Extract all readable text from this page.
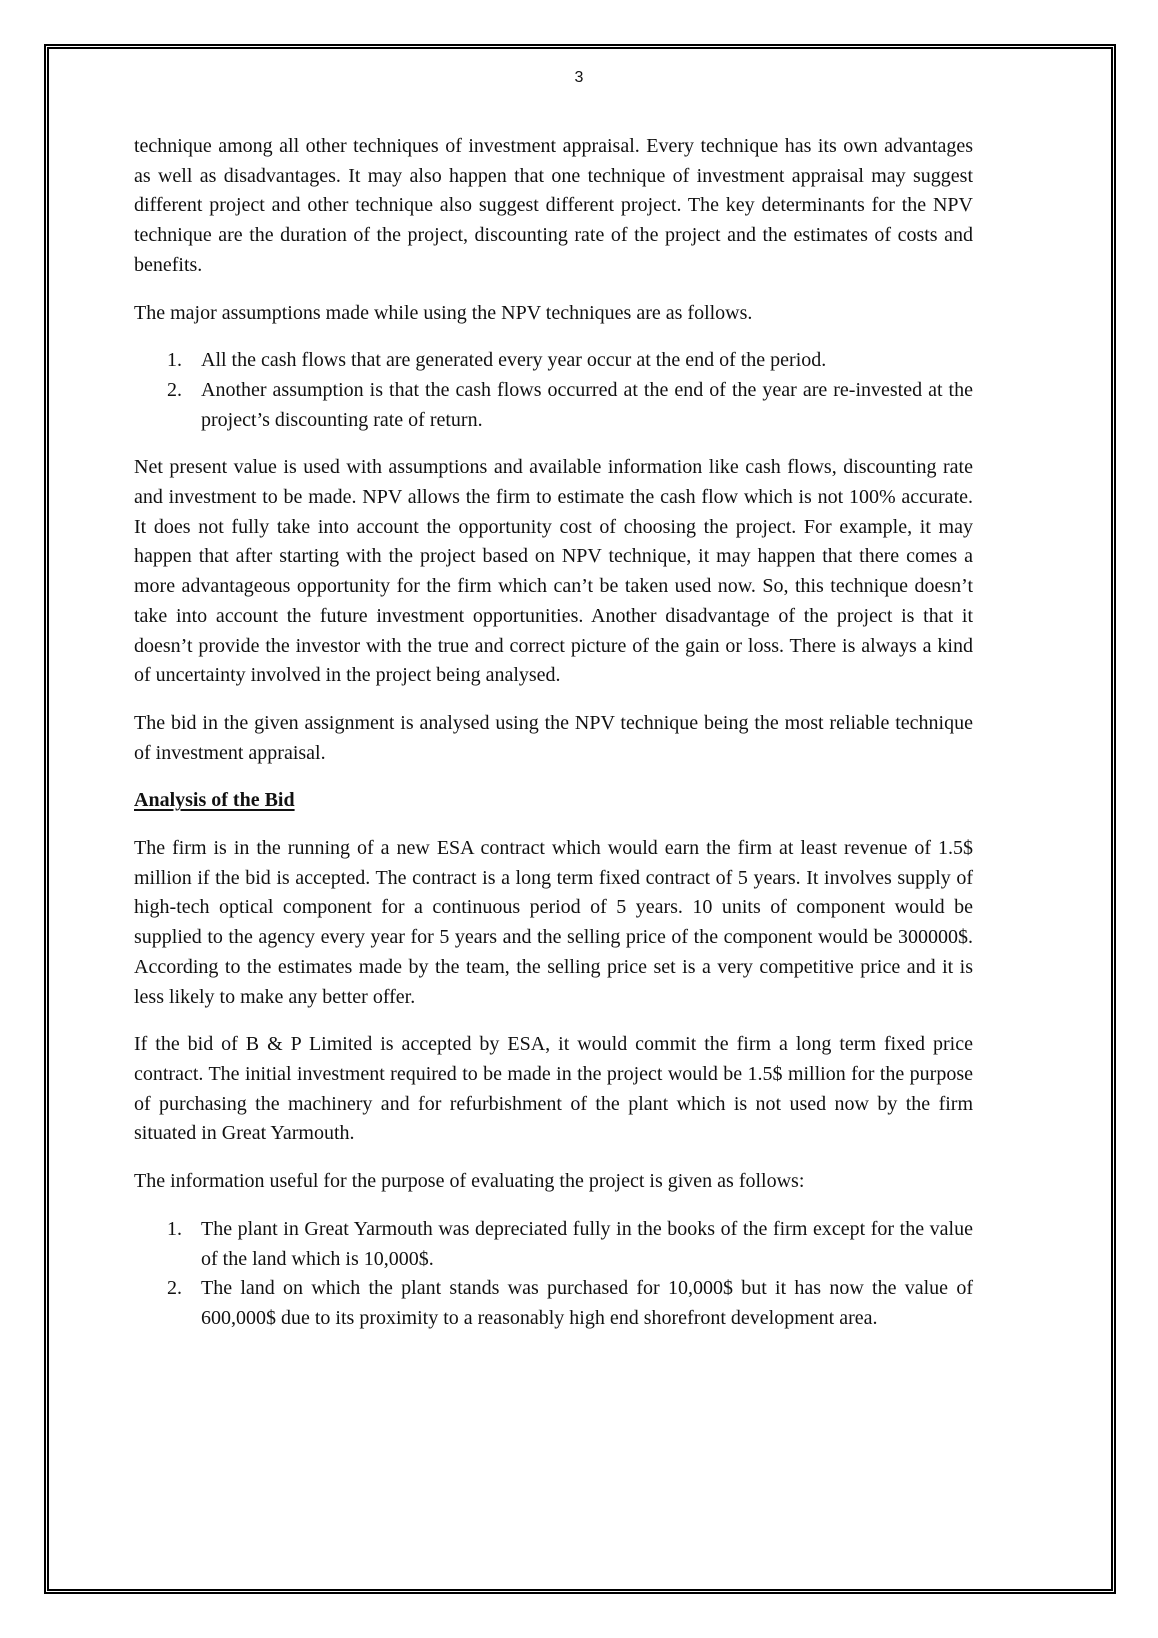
3

technique among all other techniques of investment appraisal. Every technique has its own advantages as well as disadvantages. It may also happen that one technique of investment appraisal may suggest different project and other technique also suggest different project. The key determinants for the NPV technique are the duration of the project, discounting rate of the project and the estimates of costs and benefits.

The major assumptions made while using the NPV techniques are as follows.

1. All the cash flows that are generated every year occur at the end of the period.
2. Another assumption is that the cash flows occurred at the end of the year are re-invested at the project’s discounting rate of return.

Net present value is used with assumptions and available information like cash flows, discounting rate and investment to be made. NPV allows the firm to estimate the cash flow which is not 100% accurate. It does not fully take into account the opportunity cost of choosing the project. For example, it may happen that after starting with the project based on NPV technique, it may happen that there comes a more advantageous opportunity for the firm which can’t be taken used now. So, this technique doesn’t take into account the future investment opportunities. Another disadvantage of the project is that it doesn’t provide the investor with the true and correct picture of the gain or loss. There is always a kind of uncertainty involved in the project being analysed.

The bid in the given assignment is analysed using the NPV technique being the most reliable technique of investment appraisal.

Analysis of the Bid

The firm is in the running of a new ESA contract which would earn the firm at least revenue of 1.5$ million if the bid is accepted. The contract is a long term fixed contract of 5 years. It involves supply of high-tech optical component for a continuous period of 5 years. 10 units of component would be supplied to the agency every year for 5 years and the selling price of the component would be 300000$. According to the estimates made by the team, the selling price set is a very competitive price and it is less likely to make any better offer.

If the bid of B & P Limited is accepted by ESA, it would commit the firm a long term fixed price contract. The initial investment required to be made in the project would be 1.5$ million for the purpose of purchasing the machinery and for refurbishment of the plant which is not used now by the firm situated in Great Yarmouth.

The information useful for the purpose of evaluating the project is given as follows:

1. The plant in Great Yarmouth was depreciated fully in the books of the firm except for the value of the land which is 10,000$.
2. The land on which the plant stands was purchased for 10,000$ but it has now the value of 600,000$ due to its proximity to a reasonably high end shorefront development area.
